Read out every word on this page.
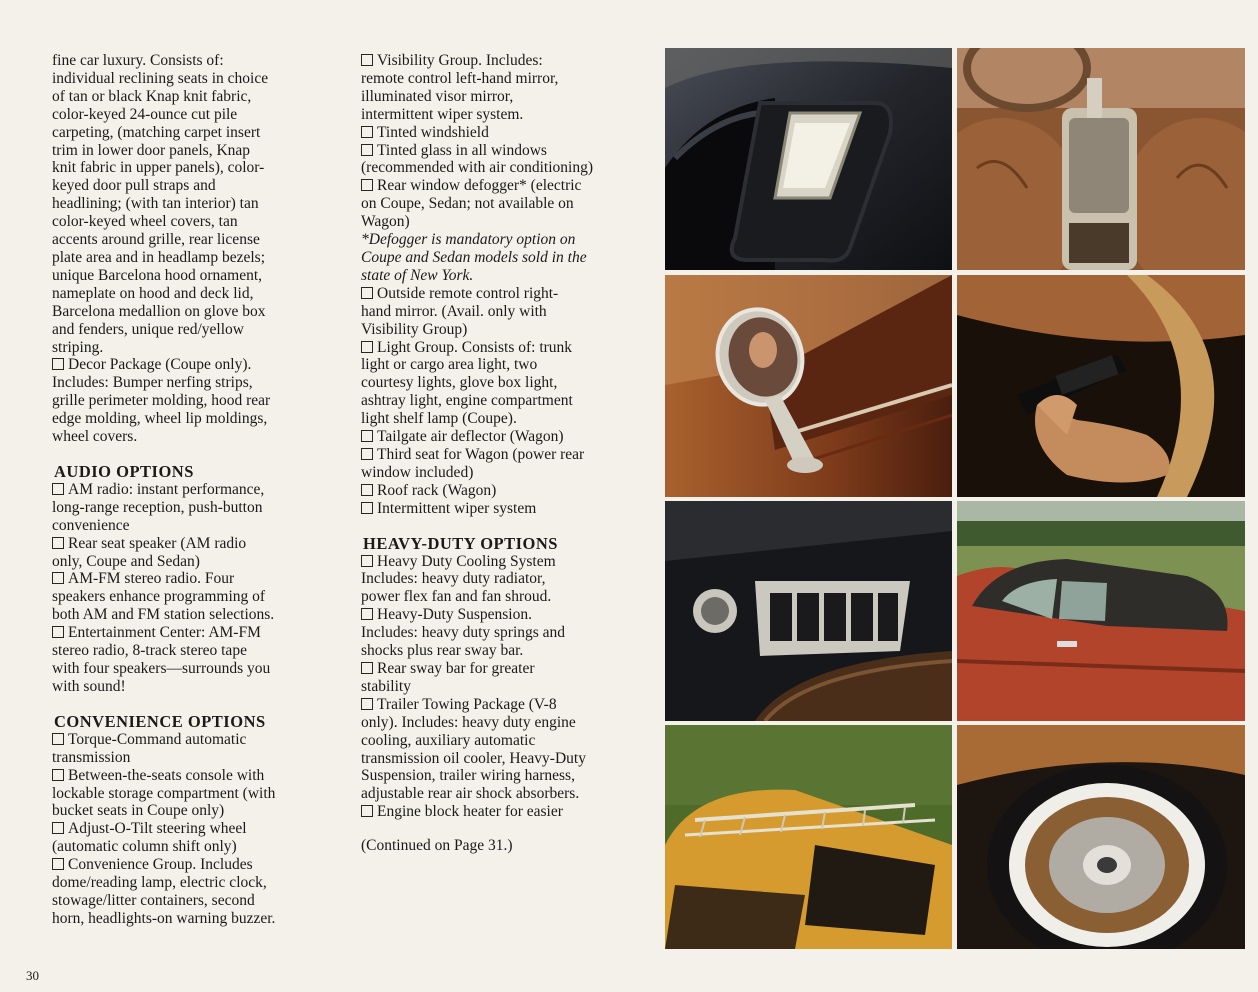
fine car luxury. Consists of:

individual reclining seats in choice

of tan or black Knap knit fabric,

color-keyed 24-ounce cut pile

carpeting, (matching carpet insert

trim in lower door panels, Knap

knit fabric in upper panels), color-

keyed door pull straps and

headlining; (with tan interior) tan

color-keyed wheel covers, tan

accents around grille, rear license

plate area and in headlamp bezels;

unique Barcelona hood ornament,

nameplate on hood and deck lid,

Barcelona medallion on glove box

and fenders, unique red/yellow

striping.

Decor Package (Coupe only).

Includes: Bumper nerfing strips,

grille perimeter molding, hood rear

edge molding, wheel lip moldings,

wheel covers.

AUDIO OPTIONS

AM radio: instant performance,

long-range reception, push-button

convenience

Rear seat speaker (AM radio

only, Coupe and Sedan)

AM-FM stereo radio. Four

speakers enhance programming of

both AM and FM station selections.

Entertainment Center: AM-FM

stereo radio, 8-track stereo tape

with four speakers—surrounds you

with sound!

CONVENIENCE OPTIONS

Torque-Command automatic

transmission

Between-the-seats console with

lockable storage compartment (with

bucket seats in Coupe only)

Adjust-O-Tilt steering wheel

(automatic column shift only)

Convenience Group. Includes

dome/reading lamp, electric clock,

stowage/litter containers, second

horn, headlights-on warning buzzer.

Visibility Group. Includes:

remote control left-hand mirror,

illuminated visor mirror,

intermittent wiper system.

Tinted windshield

Tinted glass in all windows

(recommended with air conditioning)

Rear window defogger* (electric

on Coupe, Sedan; not available on

Wagon)

*Defogger is mandatory option on

Coupe and Sedan models sold in the

state of New York.

Outside remote control right-

hand mirror. (Avail. only with

Visibility Group)

Light Group. Consists of: trunk

light or cargo area light, two

courtesy lights, glove box light,

ashtray light, engine compartment

light shelf lamp (Coupe).

Tailgate air deflector (Wagon)

Third seat for Wagon (power rear

window included)

Roof rack (Wagon)

Intermittent wiper system

HEAVY-DUTY OPTIONS

Heavy Duty Cooling System

Includes: heavy duty radiator,

power flex fan and fan shroud.

Heavy-Duty Suspension.

Includes: heavy duty springs and

shocks plus rear sway bar.

Rear sway bar for greater

stability

Trailer Towing Package (V-8

only). Includes: heavy duty engine

cooling, auxiliary automatic

transmission oil cooler, Heavy-Duty

Suspension, trailer wiring harness,

adjustable rear air shock absorbers.

Engine block heater for easier

(Continued on Page 31.)

30
